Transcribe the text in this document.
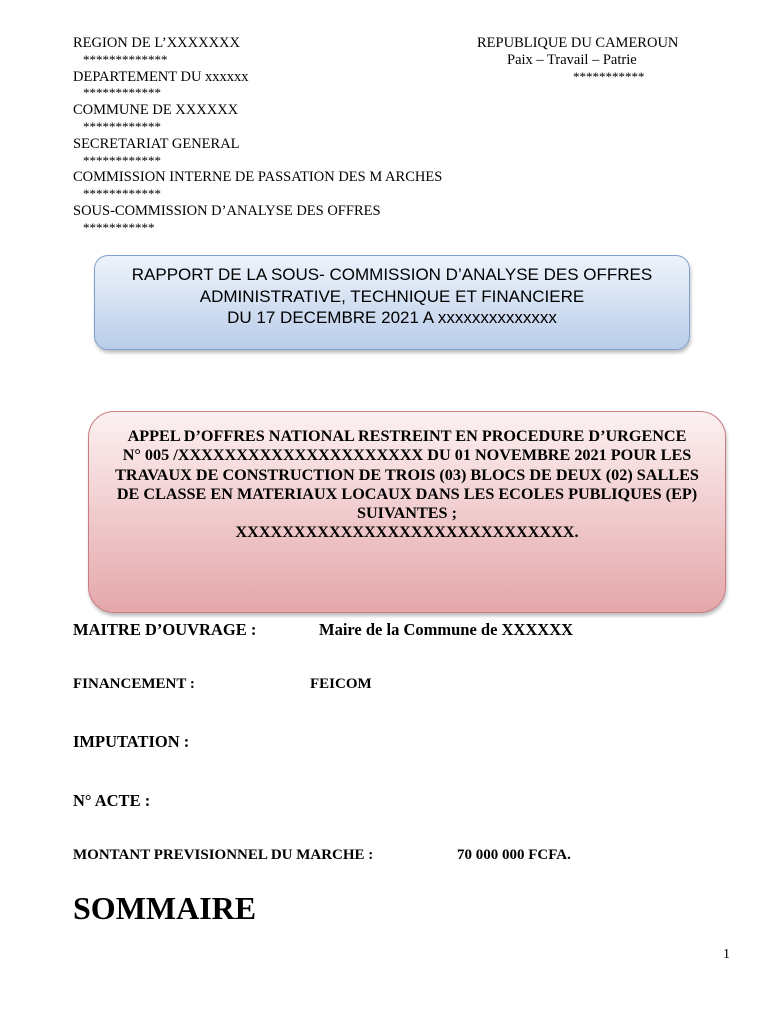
REGION DE L’XXXXXXX
*************
DEPARTEMENT DU xxxxxx
************
COMMUNE DE XXXXXX
************
SECRETARIAT GENERAL
************
COMMISSION INTERNE DE PASSATION DES M ARCHES
************
SOUS-COMMISSION D’ANALYSE DES OFFRES
***********
REPUBLIQUE DU CAMEROUN
Paix – Travail – Patrie
***********
RAPPORT DE LA SOUS- COMMISSION D’ANALYSE DES OFFRES
ADMINISTRATIVE, TECHNIQUE ET FINANCIERE
DU 17 DECEMBRE 2021 A xxxxxxxxxxxxxx
APPEL D’OFFRES NATIONAL RESTREINT EN PROCEDURE D’URGENCE
N° 005 /XXXXXXXXXXXXXXXXXXXXX DU 01 NOVEMBRE 2021 POUR LES TRAVAUX DE CONSTRUCTION DE TROIS (03) BLOCS DE DEUX (02) SALLES DE CLASSE EN MATERIAUX LOCAUX DANS LES ECOLES PUBLIQUES (EP) SUIVANTES ;
XXXXXXXXXXXXXXXXXXXXXXXXXXXXX.
MAITRE D’OUVRAGE :	Maire de la Commune de XXXXXX
FINANCEMENT :	FEICOM
IMPUTATION :
N° ACTE :
MONTANT PREVISIONNEL DU MARCHE :	70 000 000 FCFA.
SOMMAIRE
1
